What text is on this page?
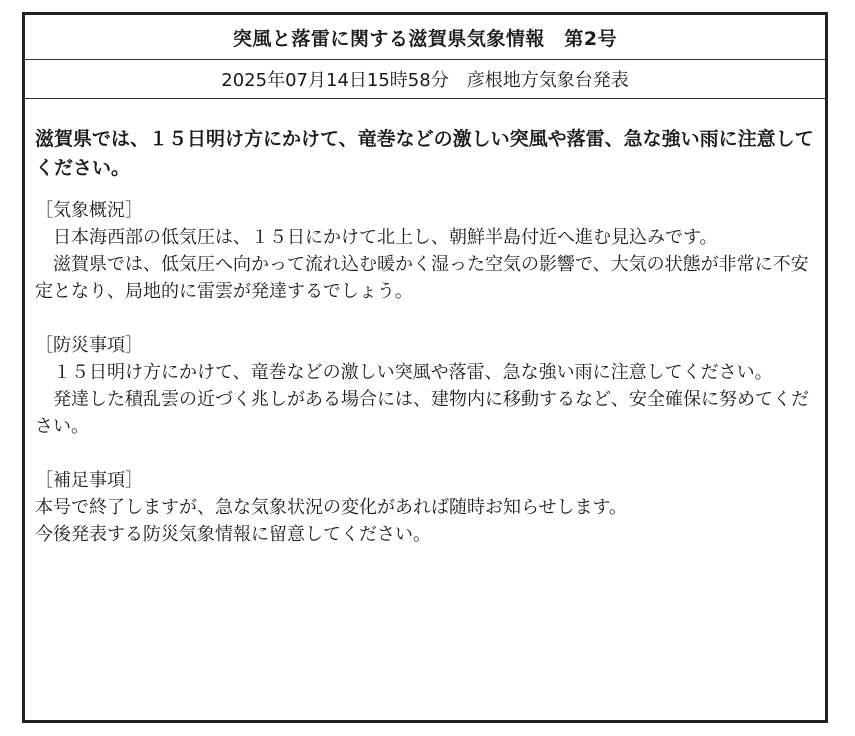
突風と落雷に関する滋賀県気象情報　第2号
2025年07月14日15時58分　彦根地方気象台発表

滋賀県では、１５日明け方にかけて、竜巻などの激しい突風や落雷、急な強い雨に注意してください。

［気象概況］

日本海西部の低気圧は、１５日にかけて北上し、朝鮮半島付近へ進む見込みです。

滋賀県では、低気圧へ向かって流れ込む暖かく湿った空気の影響で、大気の状態が非常に不安定となり、局地的に雷雲が発達するでしょう。

［防災事項］

１５日明け方にかけて、竜巻などの激しい突風や落雷、急な強い雨に注意してください。

発達した積乱雲の近づく兆しがある場合には、建物内に移動するなど、安全確保に努めてください。

［補足事項］

本号で終了しますが、急な気象状況の変化があれば随時お知らせします。

今後発表する防災気象情報に留意してください。
